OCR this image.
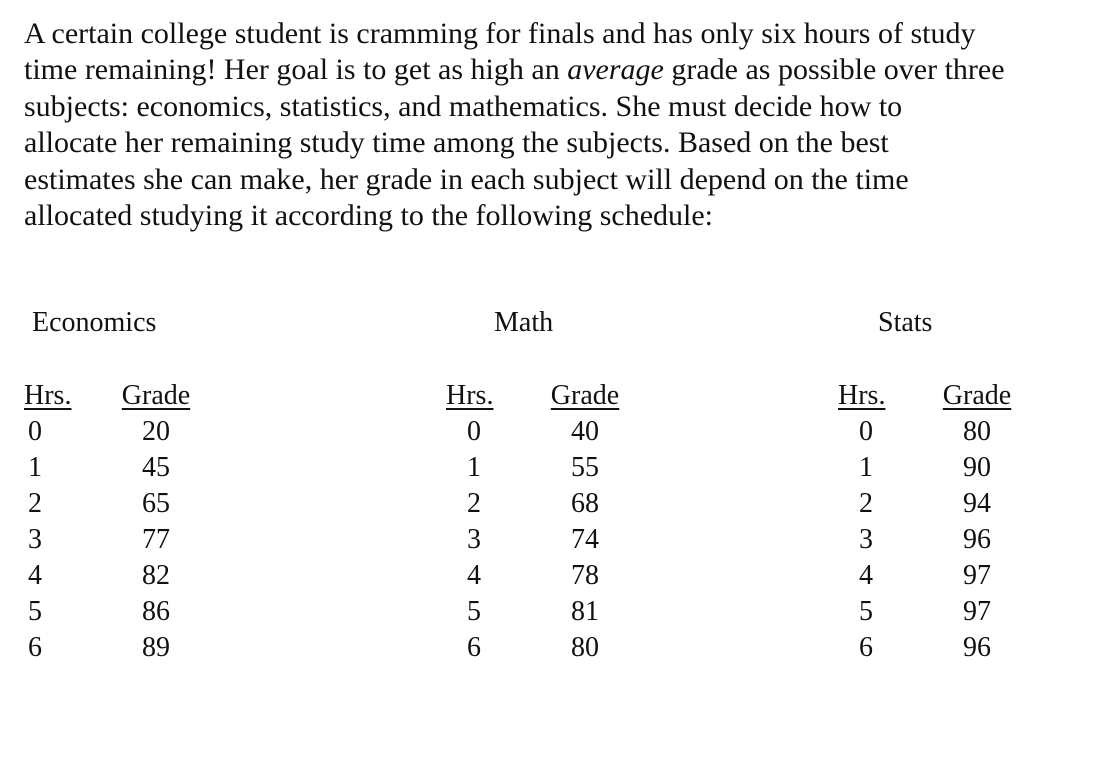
A certain college student is cramming for finals and has only six hours of study
time remaining! Her goal is to get as high an average grade as possible over three
subjects: economics, statistics, and mathematics. She must decide how to
allocate her remaining study time among the subjects. Based on the best
estimates she can make, her grade in each subject will depend on the time
allocated studying it according to the following schedule:
Economics
Hrs.	Grade
0	20
1	45
2	65
3	77
4	82
5	86
6	89
Math
Hrs.	Grade
0	40
1	55
2	68
3	74
4	78
5	81
6	80
Stats
Hrs.	Grade
0	80
1	90
2	94
3	96
4	97
5	97
6	96
